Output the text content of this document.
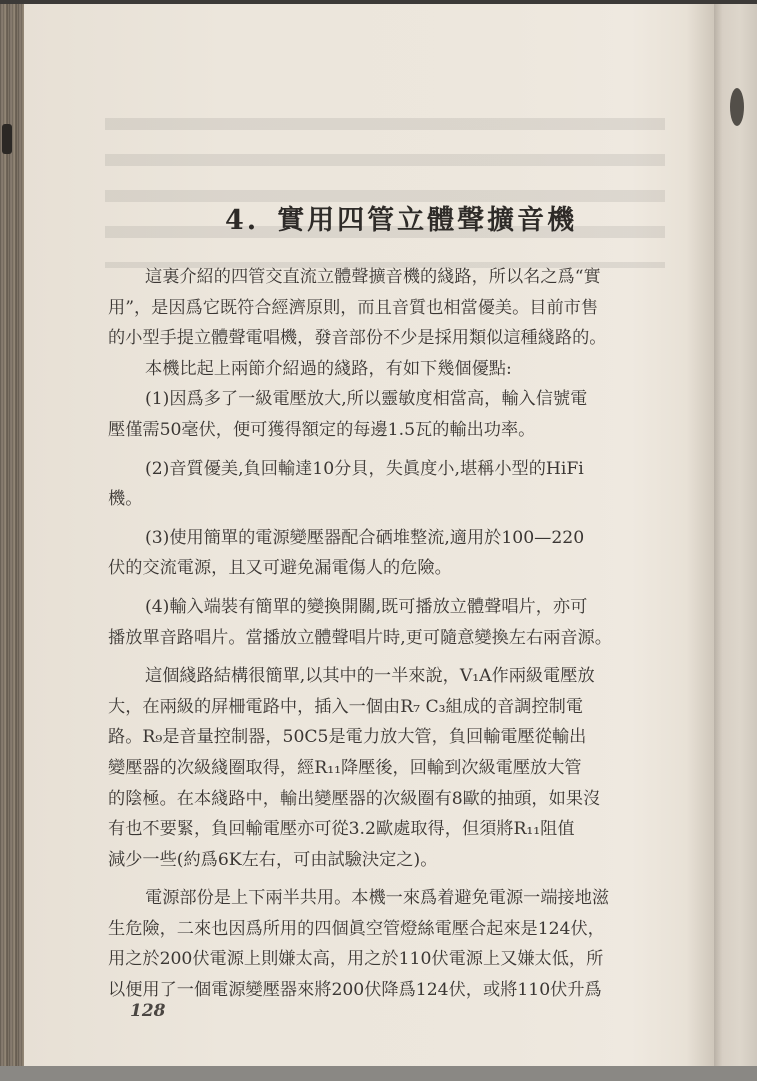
4. 實用四管立體聲擴音機
這裏介紹的四管交直流立體聲擴音機的綫路，所以名之爲“實
用”，是因爲它既符合經濟原則，而且音質也相當優美。目前市售
的小型手提立體聲電唱機，發音部份不少是採用類似這種綫路的。
本機比起上兩節介紹過的綫路，有如下幾個優點:
(1)因爲多了一級電壓放大,所以靈敏度相當高，輸入信號電
壓僅需50毫伏，便可獲得額定的每邊1.5瓦的輸出功率。
(2)音質優美,負回輸達10分貝，失眞度小,堪稱小型的HiFi
機。
(3)使用簡單的電源變壓器配合硒堆整流,適用於100—220
伏的交流電源，且又可避免漏電傷人的危險。
(4)輸入端裝有簡單的變換開關,既可播放立體聲唱片，亦可
播放單音路唱片。當播放立體聲唱片時,更可隨意變換左右兩音源。
這個綫路結構很簡單,以其中的一半來說，V₁A作兩級電壓放
大，在兩級的屏柵電路中，插入一個由R₇ C₃組成的音調控制電
路。R₉是音量控制器，50C5是電力放大管，負回輸電壓從輸出
變壓器的次級綫圈取得，經R₁₁降壓後，回輸到次級電壓放大管
的陰極。在本綫路中，輸出變壓器的次級圈有8歐的抽頭，如果沒
有也不要緊，負回輸電壓亦可從3.2歐處取得，但須將R₁₁阻值
減少一些(約爲6K左右，可由試驗決定之)。
電源部份是上下兩半共用。本機一來爲着避免電源一端接地滋
生危險，二來也因爲所用的四個眞空管燈絲電壓合起來是124伏，
用之於200伏電源上則嫌太高，用之於110伏電源上又嫌太低，所
以便用了一個電源變壓器來將200伏降爲124伏，或將110伏升爲
128
